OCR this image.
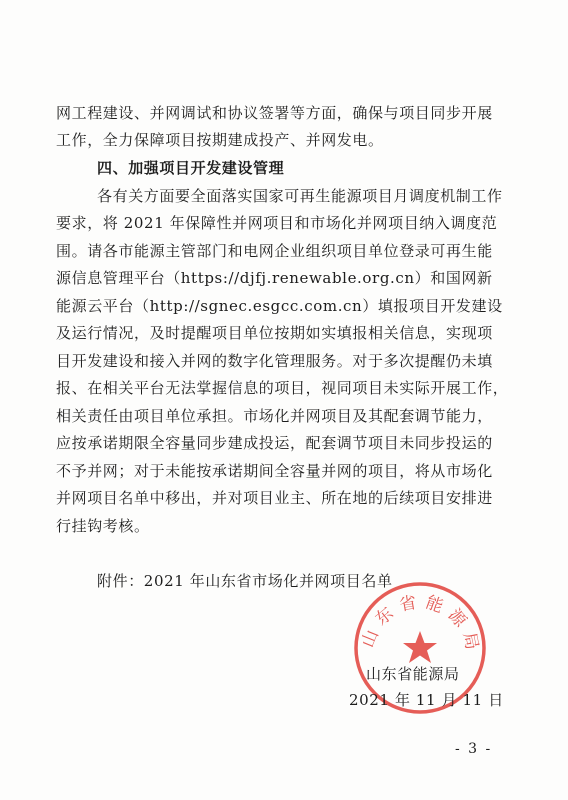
网工程建设、并网调试和协议签署等方面，确保与项目同步开展
工作，全力保障项目按期建成投产、并网发电。
四、加强项目开发建设管理
各有关方面要全面落实国家可再生能源项目月调度机制工作
要求，将 2021 年保障性并网项目和市场化并网项目纳入调度范
围。请各市能源主管部门和电网企业组织项目单位登录可再生能
源信息管理平台（https://djfj.renewable.org.cn）和国网新
能源云平台（http://sgnec.esgcc.com.cn）填报项目开发建设
及运行情况，及时提醒项目单位按期如实填报相关信息，实现项
目开发建设和接入并网的数字化管理服务。对于多次提醒仍未填
报、在相关平台无法掌握信息的项目，视同项目未实际开展工作，
相关责任由项目单位承担。市场化并网项目及其配套调节能力，
应按承诺期限全容量同步建成投运，配套调节项目未同步投运的
不予并网；对于未能按承诺期间全容量并网的项目，将从市场化
并网项目名单中移出，并对项目业主、所在地的后续项目安排进
行挂钩考核。
附件：2021 年山东省市场化并网项目名单
山东省能源局
山东省能源局
2021 年 11 月 11 日
- 3 -
